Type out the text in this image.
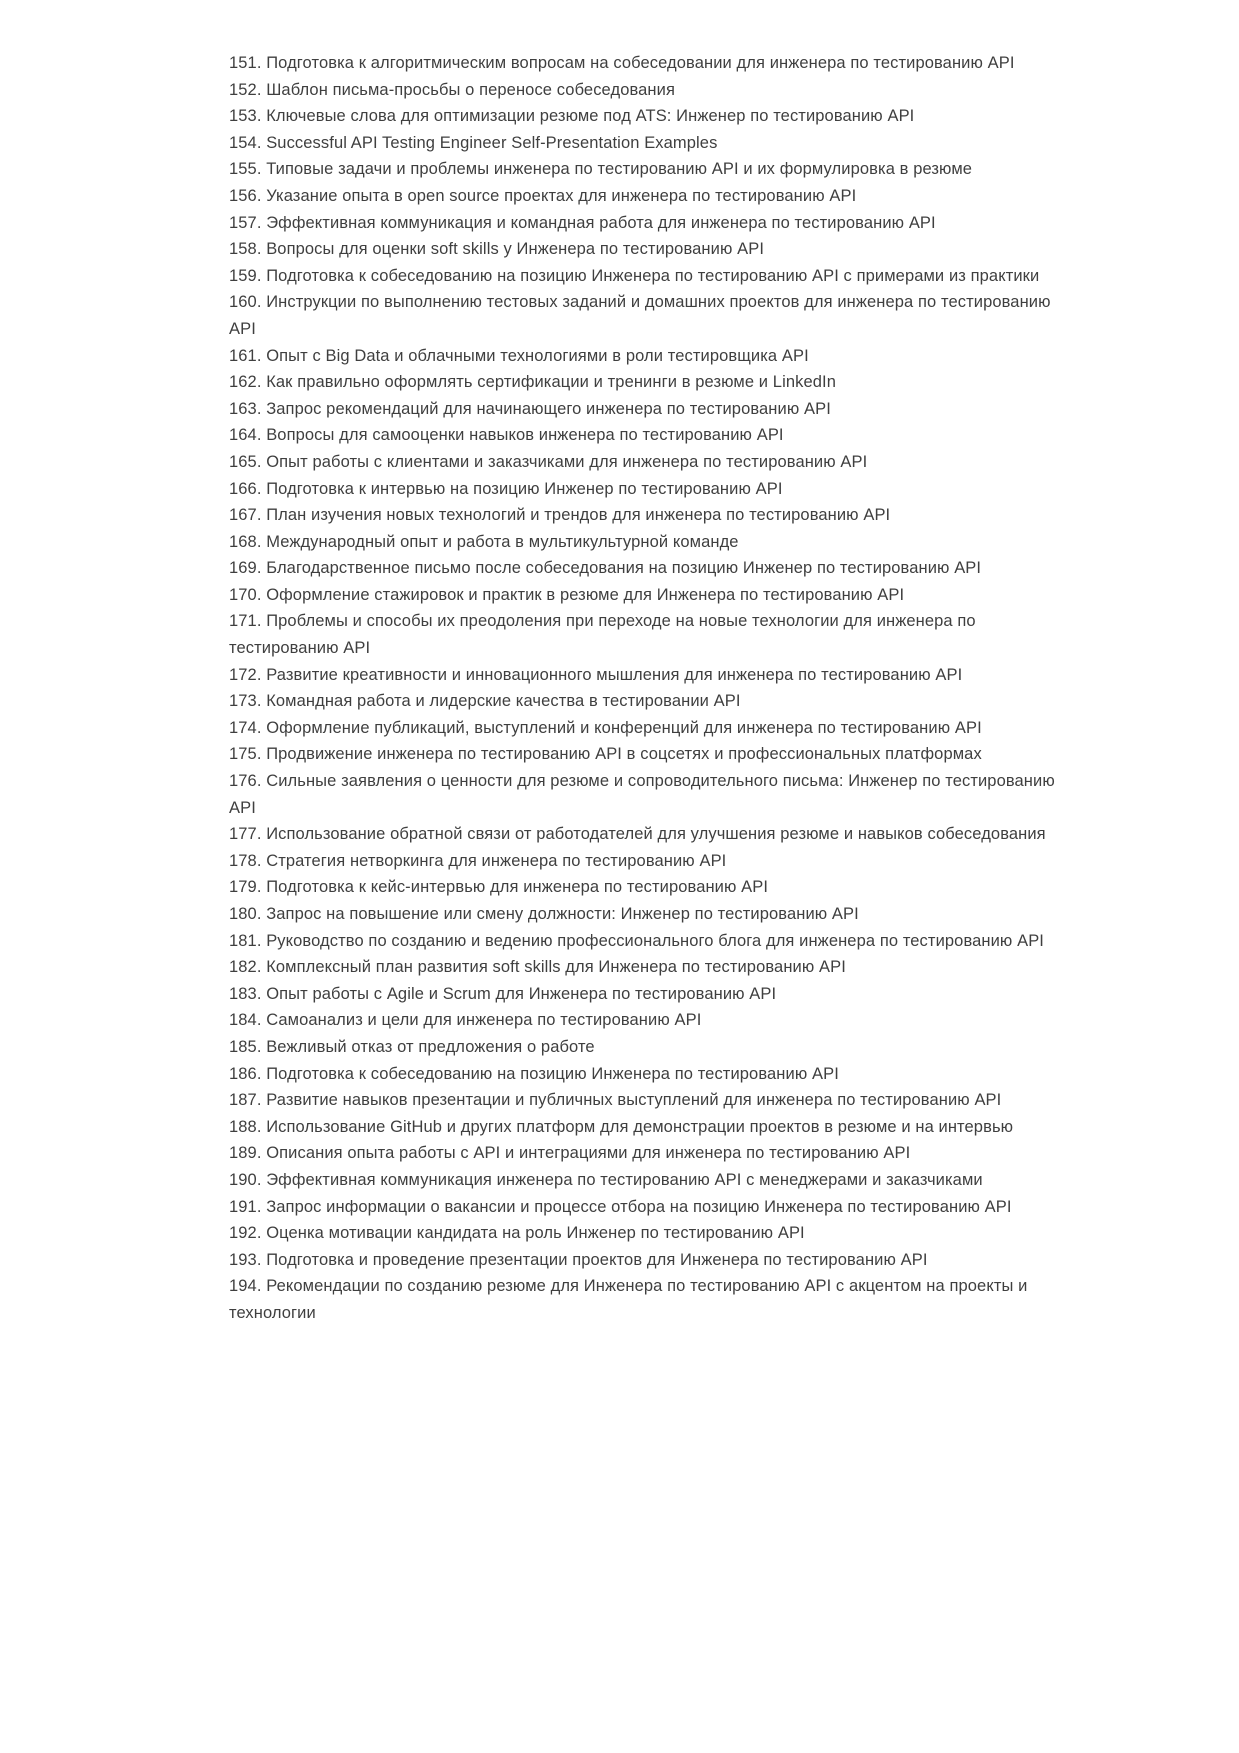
151. Подготовка к алгоритмическим вопросам на собеседовании для инженера по тестированию API

152. Шаблон письма-просьбы о переносе собеседования

153. Ключевые слова для оптимизации резюме под ATS: Инженер по тестированию API

154. Successful API Testing Engineer Self-Presentation Examples

155. Типовые задачи и проблемы инженера по тестированию API и их формулировка в резюме

156. Указание опыта в open source проектах для инженера по тестированию API

157. Эффективная коммуникация и командная работа для инженера по тестированию API

158. Вопросы для оценки soft skills у Инженера по тестированию API

159. Подготовка к собеседованию на позицию Инженера по тестированию API с примерами из практики

160. Инструкции по выполнению тестовых заданий и домашних проектов для инженера по тестированию API

161. Опыт с Big Data и облачными технологиями в роли тестировщика API

162. Как правильно оформлять сертификации и тренинги в резюме и LinkedIn

163. Запрос рекомендаций для начинающего инженера по тестированию API

164. Вопросы для самооценки навыков инженера по тестированию API

165. Опыт работы с клиентами и заказчиками для инженера по тестированию API

166. Подготовка к интервью на позицию Инженер по тестированию API

167. План изучения новых технологий и трендов для инженера по тестированию API

168. Международный опыт и работа в мультикультурной команде

169. Благодарственное письмо после собеседования на позицию Инженер по тестированию API

170. Оформление стажировок и практик в резюме для Инженера по тестированию API

171. Проблемы и способы их преодоления при переходе на новые технологии для инженера по тестированию API

172. Развитие креативности и инновационного мышления для инженера по тестированию API

173. Командная работа и лидерские качества в тестировании API

174. Оформление публикаций, выступлений и конференций для инженера по тестированию API

175. Продвижение инженера по тестированию API в соцсетях и профессиональных платформах

176. Сильные заявления о ценности для резюме и сопроводительного письма: Инженер по тестированию API

177. Использование обратной связи от работодателей для улучшения резюме и навыков собеседования

178. Стратегия нетворкинга для инженера по тестированию API

179. Подготовка к кейс-интервью для инженера по тестированию API

180. Запрос на повышение или смену должности: Инженер по тестированию API

181. Руководство по созданию и ведению профессионального блога для инженера по тестированию API

182. Комплексный план развития soft skills для Инженера по тестированию API

183. Опыт работы с Agile и Scrum для Инженера по тестированию API

184. Самоанализ и цели для инженера по тестированию API

185. Вежливый отказ от предложения о работе

186. Подготовка к собеседованию на позицию Инженера по тестированию API

187. Развитие навыков презентации и публичных выступлений для инженера по тестированию API

188. Использование GitHub и других платформ для демонстрации проектов в резюме и на интервью

189. Описания опыта работы с API и интеграциями для инженера по тестированию API

190. Эффективная коммуникация инженера по тестированию API с менеджерами и заказчиками

191. Запрос информации о вакансии и процессе отбора на позицию Инженера по тестированию API

192. Оценка мотивации кандидата на роль Инженер по тестированию API

193. Подготовка и проведение презентации проектов для Инженера по тестированию API

194. Рекомендации по созданию резюме для Инженера по тестированию API с акцентом на проекты и технологии
